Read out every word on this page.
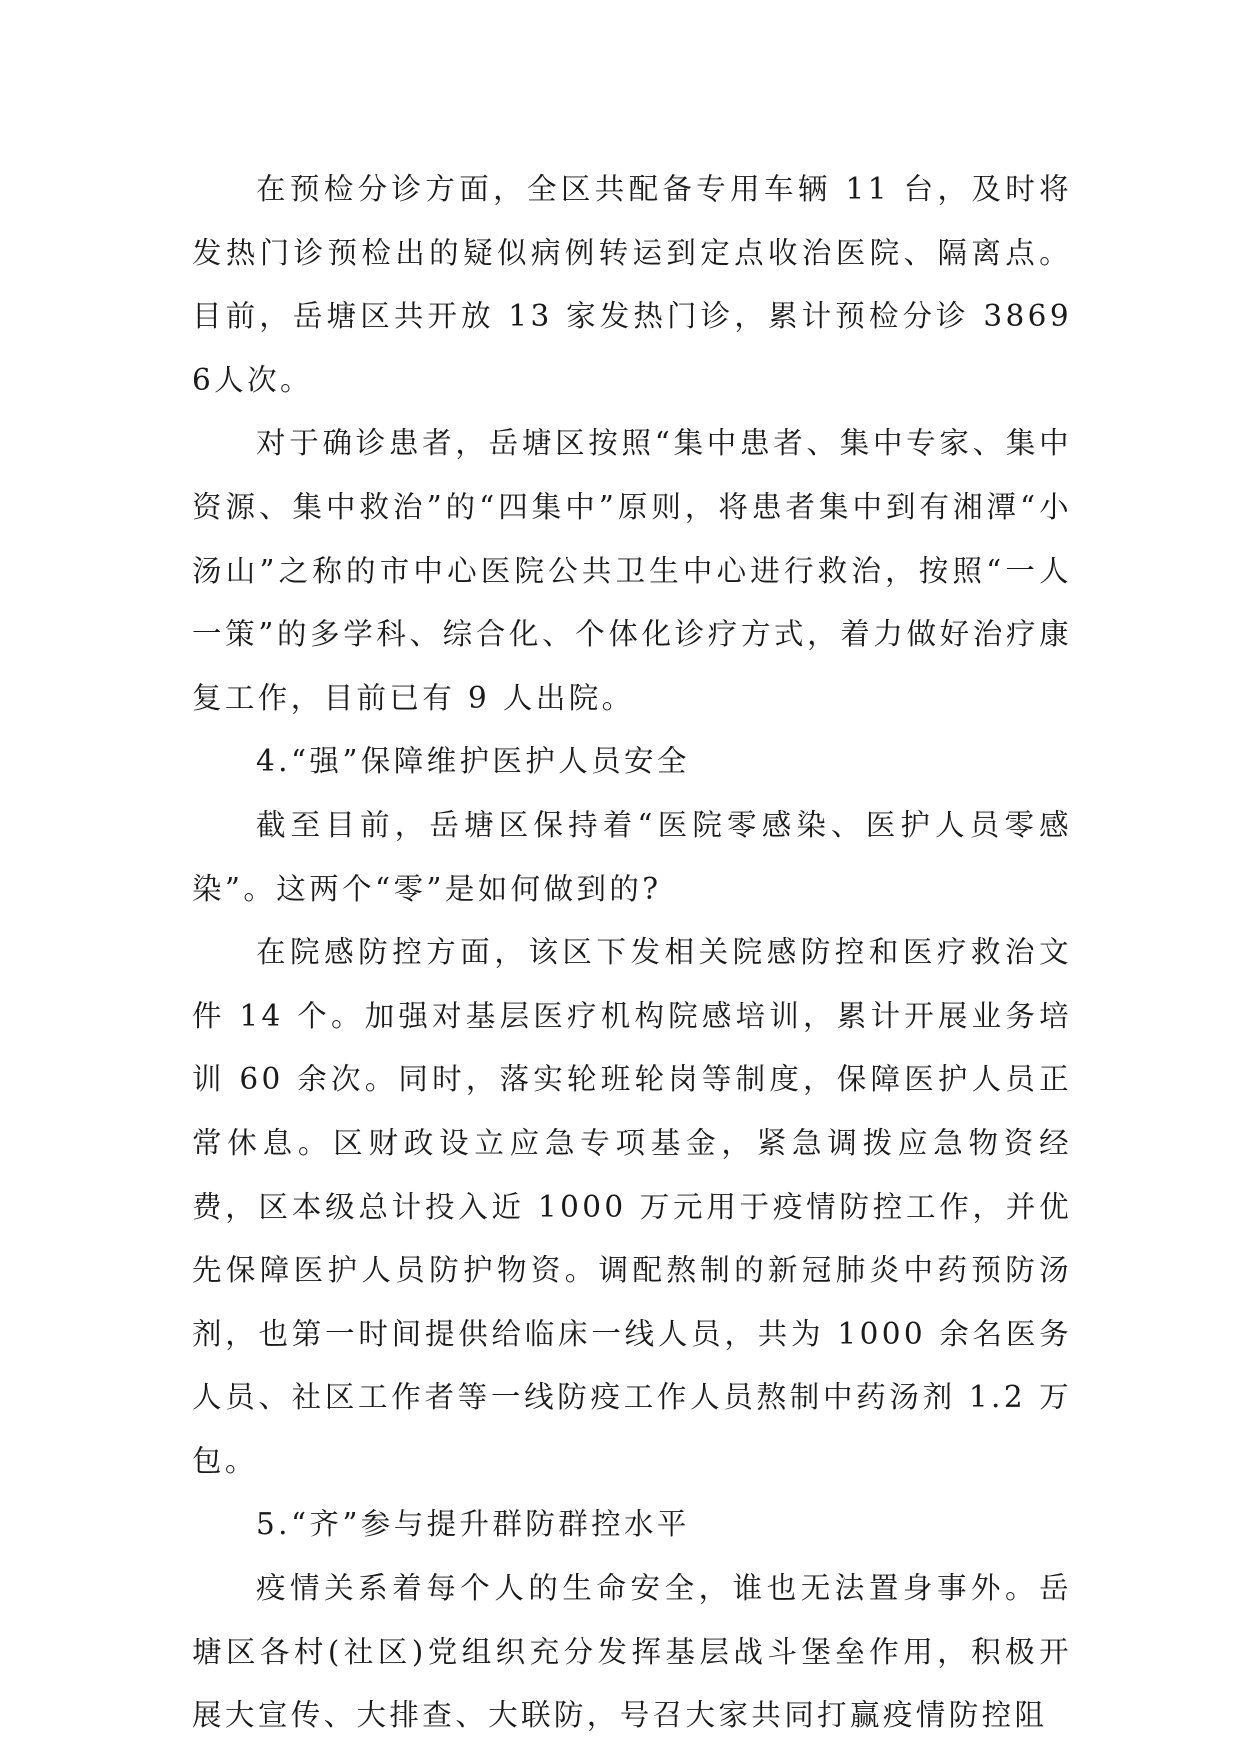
在预检分诊方面，全区共配备专用车辆 11 台，及时将发热门诊预检出的疑似病例转运到定点收治医院、隔离点。目前，岳塘区共开放 13 家发热门诊，累计预检分诊 38696人次。

对于确诊患者，岳塘区按照“集中患者、集中专家、集中资源、集中救治”的“四集中”原则，将患者集中到有湘潭“小汤山”之称的市中心医院公共卫生中心进行救治，按照“一人一策”的多学科、综合化、个体化诊疗方式，着力做好治疗康复工作，目前已有 9 人出院。

4.“强”保障维护医护人员安全

截至目前，岳塘区保持着“医院零感染、医护人员零感染”。这两个“零”是如何做到的?

在院感防控方面，该区下发相关院感防控和医疗救治文件 14 个。加强对基层医疗机构院感培训，累计开展业务培训 60 余次。同时，落实轮班轮岗等制度，保障医护人员正常休息。区财政设立应急专项基金，紧急调拨应急物资经费，区本级总计投入近 1000 万元用于疫情防控工作，并优先保障医护人员防护物资。调配熬制的新冠肺炎中药预防汤剂，也第一时间提供给临床一线人员，共为 1000 余名医务人员、社区工作者等一线防疫工作人员熬制中药汤剂 1.2 万包。

5.“齐”参与提升群防群控水平

疫情关系着每个人的生命安全，谁也无法置身事外。岳塘区各村(社区)党组织充分发挥基层战斗堡垒作用，积极开展大宣传、大排查、大联防，号召大家共同打赢疫情防控阻
